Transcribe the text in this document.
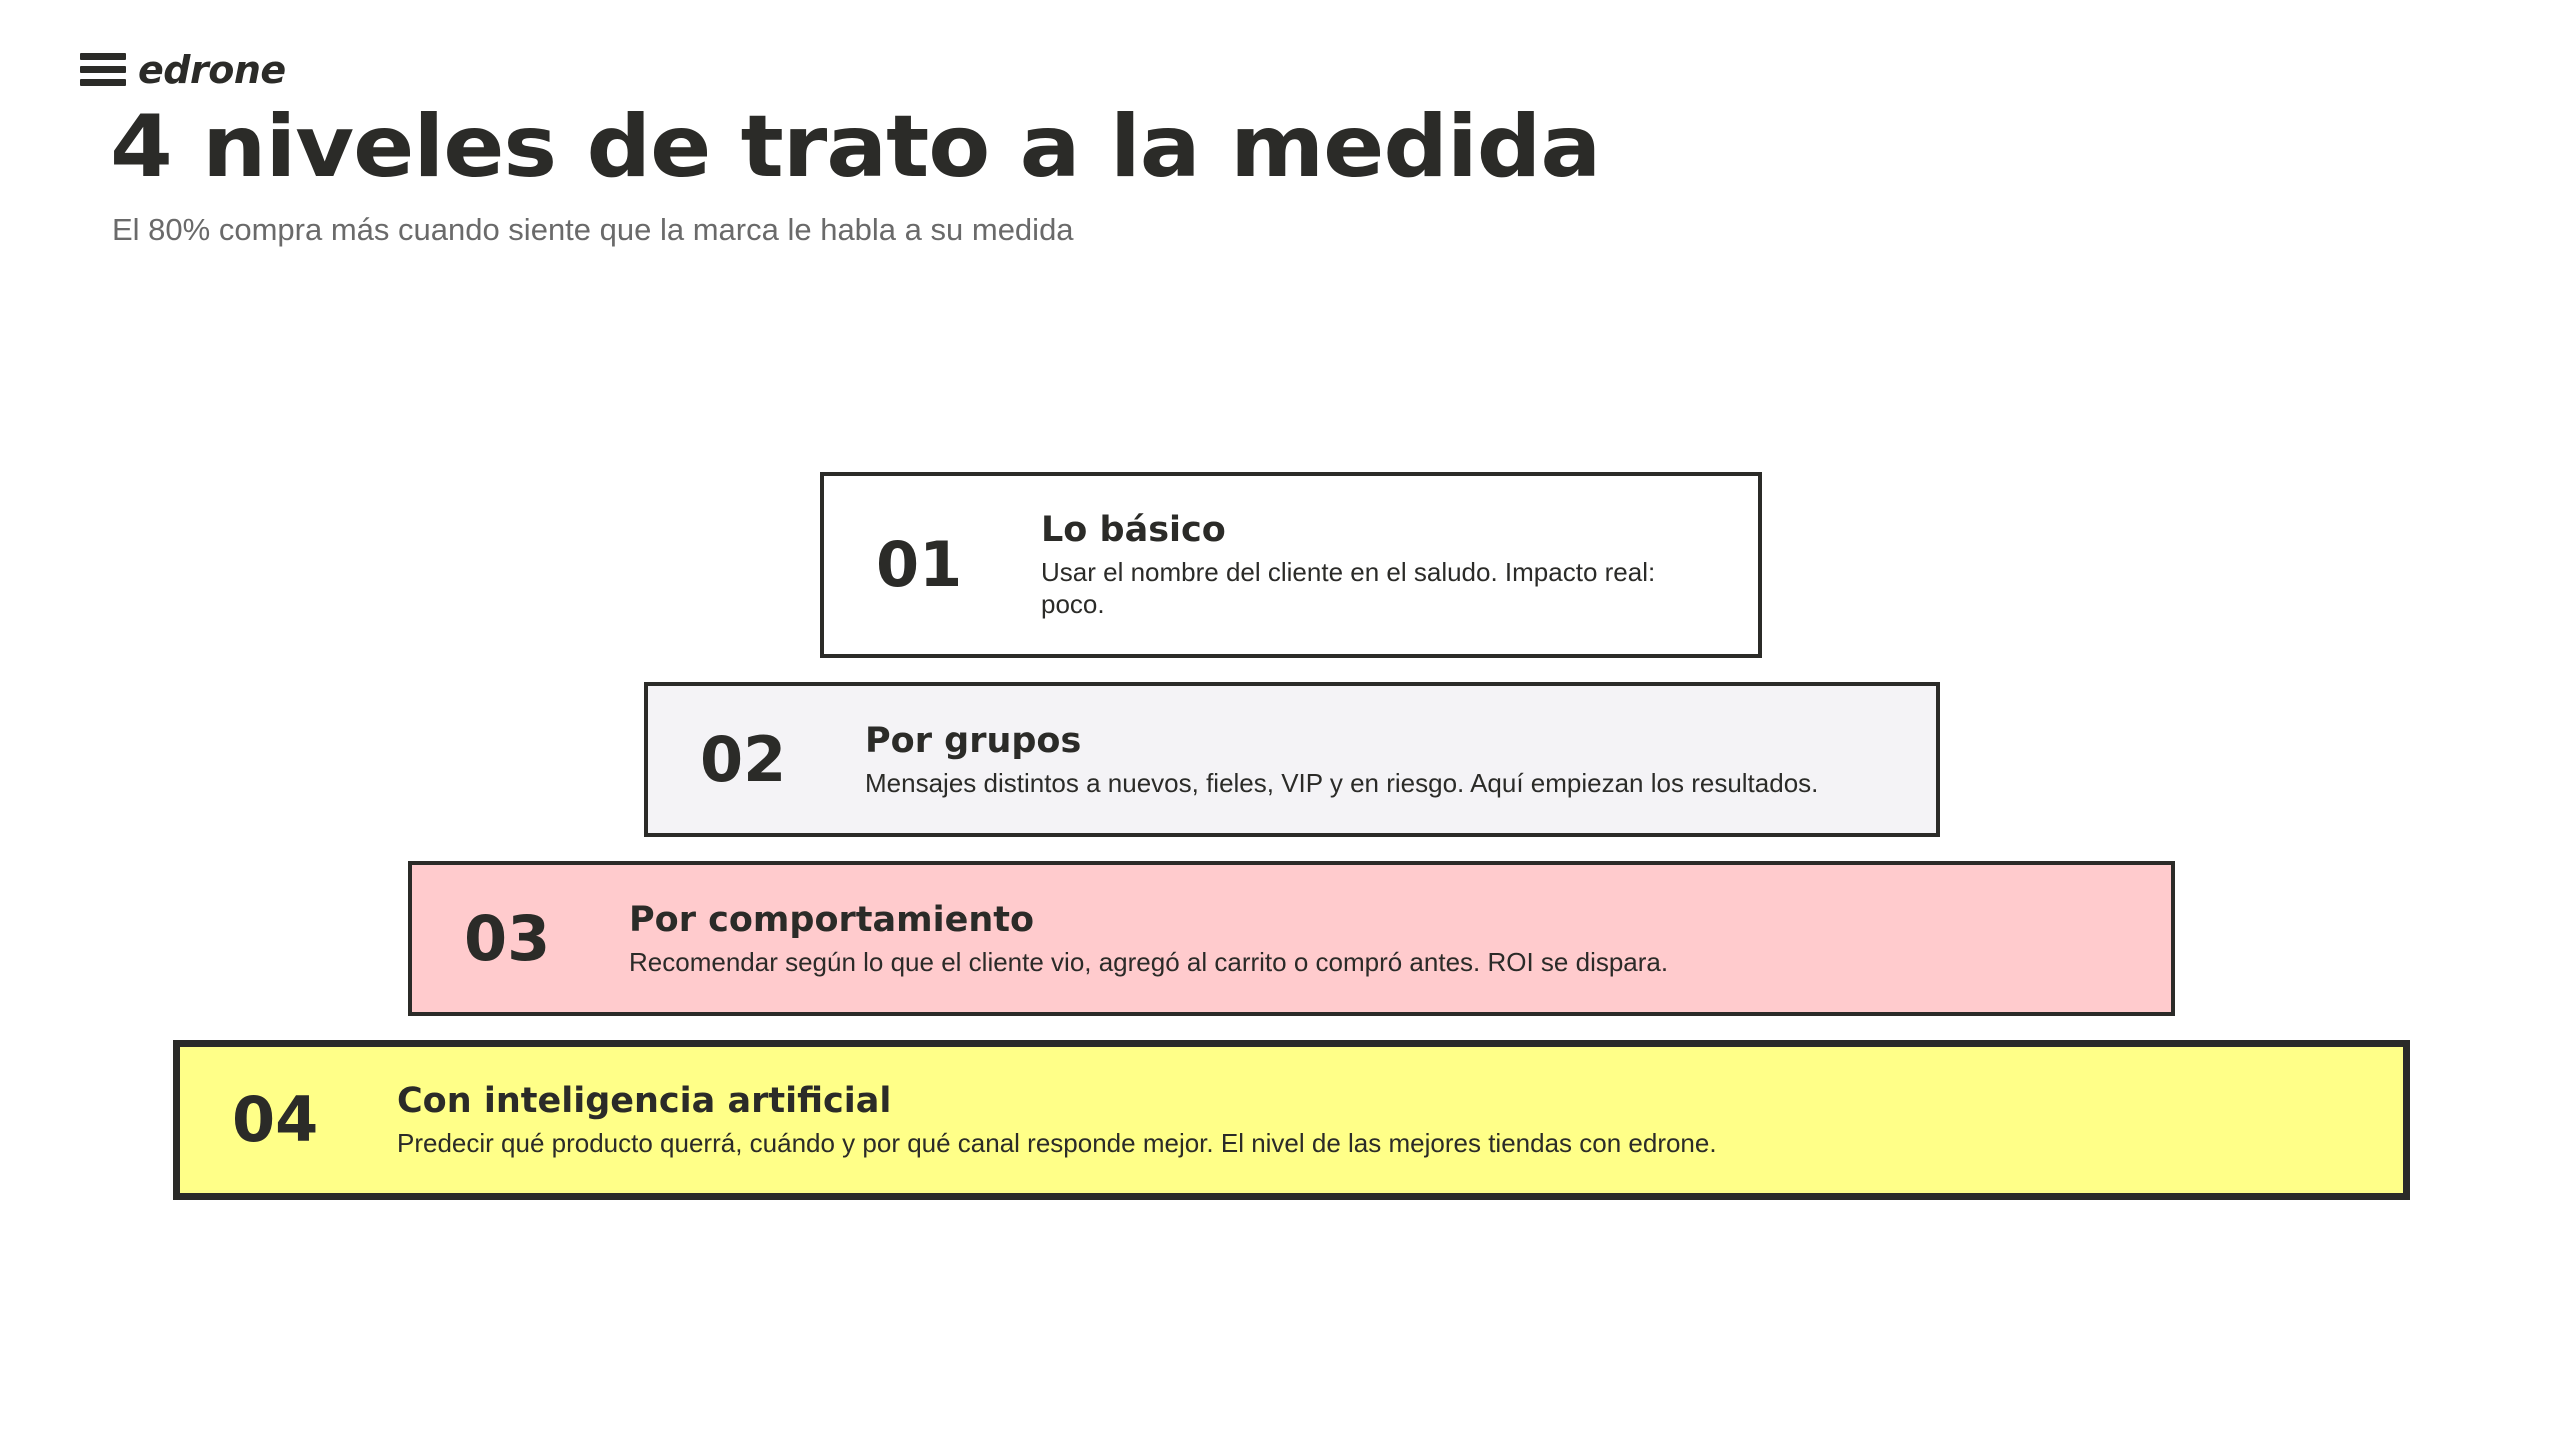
edrone
4 niveles de trato a la medida

El 80% compra más cuando siente que la marca le habla a su medida

01	Lo básico
Usar el nombre del cliente en el saludo. Impacto real: poco.
02	Por grupos
Mensajes distintos a nuevos, fieles, VIP y en riesgo. Aquí empiezan los resultados.
03	Por comportamiento
Recomendar según lo que el cliente vio, agregó al carrito o compró antes. ROI se dispara.
04	Con inteligencia artificial
Predecir qué producto querrá, cuándo y por qué canal responde mejor. El nivel de las mejores tiendas con edrone.
